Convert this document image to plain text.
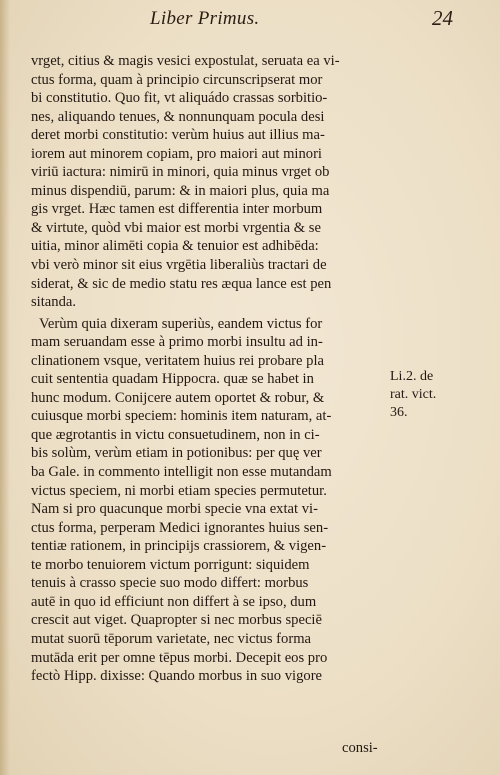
Liber Primus.	24
vrget, citius & magis vesici expostulat, seruata ea vi-
ctus forma, quam à principio circunscripserat mor
bi constitutio. Quo fit, vt aliquádo crassas sorbitio-
nes, aliquando tenues, & nonnunquam pocula desi
deret morbi constitutio: verùm huius aut illius ma-
iorem aut minorem copiam, pro maiori aut minori
viriū iactura: nimirū in minori, quia minus vrget ob
minus dispendiū, parum: & in maiori plus, quia ma
gis vrget. Hæc tamen est differentia inter morbum
& virtute, quòd vbi maior est morbi vrgentia & se
uitia, minor alimēti copia & tenuior est adhibēda:
vbi verò minor sit eius vrgētia liberaliùs tractari de
siderat, & sic de medio statu res æqua lance est pen
sitanda.
Verùm quia dixeram superiùs, eandem victus for
mam seruandam esse à primo morbi insultu ad in-
clinationem vsque, veritatem huius rei probare pla
cuit sententia quadam Hippocra. quæ se habet in
hunc modum. Conijcere autem oportet & robur, &
cuiusque morbi speciem: hominis item naturam, at-
que ægrotantis in victu consuetudinem, non in ci-
bis solùm, verùm etiam in potionibus: per quę ver
ba Gale. in commento intelligit non esse mutandam
victus speciem, ni morbi etiam species permutetur.
Nam si pro quacunque morbi specie vna extat vi-
ctus forma, perperam Medici ignorantes huius sen-
tentiæ rationem, in principijs crassiorem, & vigen-
te morbo tenuiorem victum porrigunt: siquidem
tenuis à crasso specie suo modo differt: morbus
autē in quo id efficiunt non differt à se ipso, dum
crescit aut viget. Quapropter si nec morbus speciē
mutat suorū tēporum varietate, nec victus forma
mutāda erit per omne tēpus morbi. Decepit eos pro
fectò Hipp. dixisse: Quando morbus in suo vigore
Li.2. de
rat. vict.
36.
consi-
